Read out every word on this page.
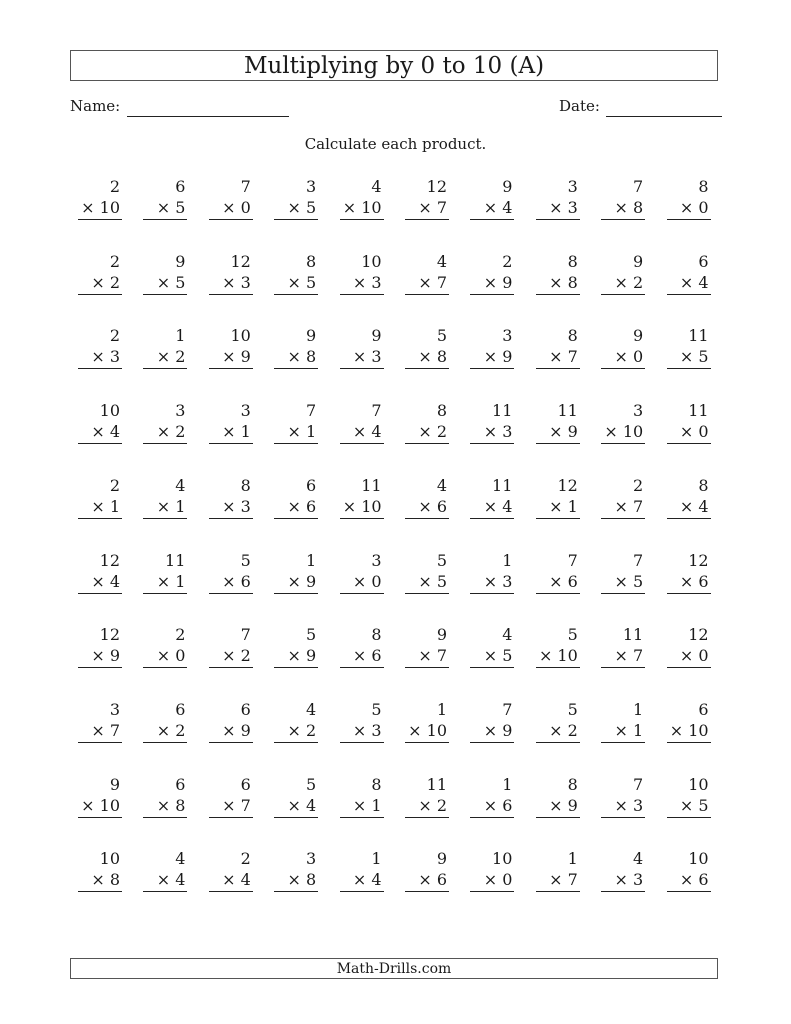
Multiplying by 0 to 10 (A)
Name:	Date:
Calculate each product.
2
× 10
6
× 5
7
× 0
3
× 5
4
× 10
12
× 7
9
× 4
3
× 3
7
× 8
8
× 0
2
× 2
9
× 5
12
× 3
8
× 5
10
× 3
4
× 7
2
× 9
8
× 8
9
× 2
6
× 4
2
× 3
1
× 2
10
× 9
9
× 8
9
× 3
5
× 8
3
× 9
8
× 7
9
× 0
11
× 5
10
× 4
3
× 2
3
× 1
7
× 1
7
× 4
8
× 2
11
× 3
11
× 9
3
× 10
11
× 0
2
× 1
4
× 1
8
× 3
6
× 6
11
× 10
4
× 6
11
× 4
12
× 1
2
× 7
8
× 4
12
× 4
11
× 1
5
× 6
1
× 9
3
× 0
5
× 5
1
× 3
7
× 6
7
× 5
12
× 6
12
× 9
2
× 0
7
× 2
5
× 9
8
× 6
9
× 7
4
× 5
5
× 10
11
× 7
12
× 0
3
× 7
6
× 2
6
× 9
4
× 2
5
× 3
1
× 10
7
× 9
5
× 2
1
× 1
6
× 10
9
× 10
6
× 8
6
× 7
5
× 4
8
× 1
11
× 2
1
× 6
8
× 9
7
× 3
10
× 5
10
× 8
4
× 4
2
× 4
3
× 8
1
× 4
9
× 6
10
× 0
1
× 7
4
× 3
10
× 6
Math-Drills.com
